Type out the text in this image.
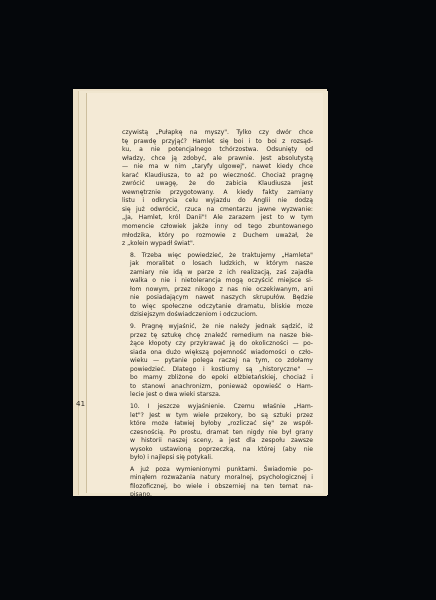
czywistą „Pułapkę na myszy". Tylko czy dwór chce
tę prawdę przyjąć? Hamlet się boi i to boi z rozsąd-
ku, a nie potencjalnego tchórzostwa. Odsunięty od
władzy, chce ją zdobyć, ale prawnie. Jest absolutystą
— nie ma w nim „taryfy ulgowej", nawet kiedy chce
karać Klaudiusza, to aż po wieczność. Chociaż pragnę
zwrócić uwagę, że do zabicia Klaudiusza jest
wewnętrznie przygotowany. A kiedy fakty zamiany
listu i odkrycia celu wyjazdu do Anglii nie dodzą
się już odwrócić, rzuca na cmentarzu jawne wyzwanie:
„Ja, Hamlet, król Danii"! Ale zarazem jest to w tym
momencie człowiek jakże inny od tego zbuntowanego
młodzika, który po rozmowie z Duchem uważał, że
z „kolein wypadł świat".
8. Trzeba więc powiedzieć, że traktujemy „Hamleta"
jak moralitet o losach ludzkich, w którym nasze
zamiary nie idą w parze z ich realizacją, zaś zajadła
walka o nie i nietolerancja mogą oczyścić miejsce si-
łom nowym, przez nikogo z nas nie oczekiwanym, ani
nie posiadającym nawet naszych skrupułów. Będzie
to więc społeczne odczytanie dramatu, bliskie moze
dzisiejszym doświadczeniom i odczuciom.
9. Pragnę wyjaśnić, że nie należy jednak sądzić, iż
przez tę sztukę chcę znaleźć remedium na nasze bie-
żące kłopoty czy przykrawać ją do okoliczności — po-
siada ona dużo większą pojemność wiadomości o czło-
wieku — pytanie polega raczej na tym, co zdołamy
powiedzieć. Dlatego i kostiumy są „historyczne" —
bo mamy zbliżone do epoki elżbietańskiej, chociaż i
to stanowi anachronizm, ponieważ opowieść o Ham-
lecie jest o dwa wieki starsza.
10. I jeszcze wyjaśnienie. Czemu właśnie „Ham-
let"? Jest w tym wiele przekory, bo są sztuki przez
które może łatwiej byłoby „rozliczać się" ze współ-
czesnością. Po prostu, dramat ten nigdy nie był grany
w historii naszej sceny, a jest dla zespołu zawsze
wysoko ustawioną poprzeczką, na której (aby nie
było) i najlepsi się potykali.
A już poza wymienionymi punktami. Świadomie po-
minąłem rozważania natury moralnej, psychologicznej i
filozoficznej, bo wiele i obszerniej na ten temat na-
pisano.
41
